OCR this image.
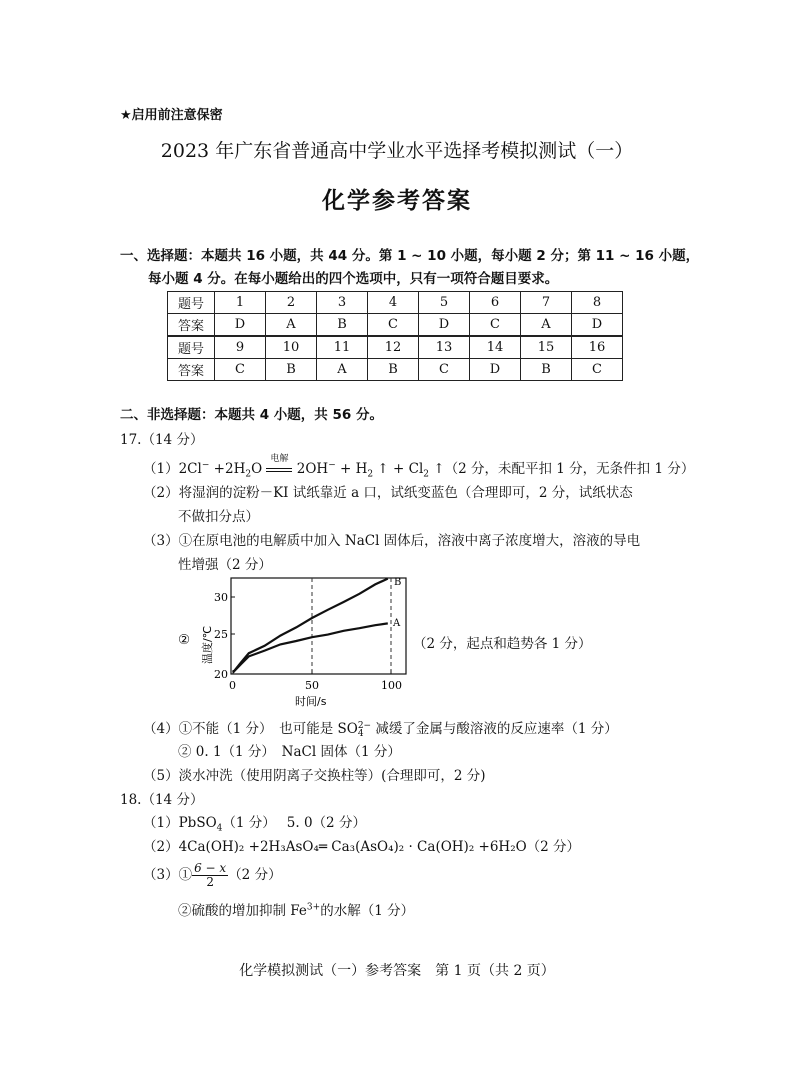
★启用前注意保密
2023 年广东省普通高中学业水平选择考模拟测试（一）
化学参考答案
一、选择题：本题共 16 小题，共 44 分。第 1 ~ 10 小题，每小题 2 分；第 11 ~ 16 小题，
每小题 4 分。在每小题给出的四个选项中，只有一项符合题目要求。
题号	1	2	3	4	5	6	7	8
答案	D	A	B	C	D	C	A	D
题号	9	10	11	12	13	14	15	16
答案	C	B	A	B	C	D	B	C
二、非选择题：本题共 4 小题，共 56 分。
17.（14 分）
$(1)2Cl^- +2H_2O$
电解
$2OH^- + H_2$ ↑ + $Cl_2$ ↑（2 分，未配平扣 1 分，无条件扣 1 分）
（2）将湿润的淀粉－KI 试纸靠近 a 口，试纸变蓝色（合理即可，2 分，试纸状态
不做扣分点）
（3）①在原电池的电解质中加入 NaCl 固体后，溶液中离子浓度增大，溶液的导电
性增强（2 分）
②
A
B
20
25
30
0	50	100
时间/s
温度/℃	（2 分，起点和趋势各 1 分）
（4）①不能（1 分）　也可能是 SO 2−
4 减缓了金属与酸溶液的反应速率（1 分）
② 0. 1（1 分）　NaCl 固体（1 分）
（5）淡水冲洗（使用阴离子交换柱等）(合理即可，2 分)
18.（14 分）
（1）PbSO$_4$（1 分）　 5. 0（2 分）
（2）4Ca(OH)₂ +2H₃AsO₄═ Ca₃(AsO₄)₂ · Ca(OH)₂ +6H₂O（2 分）
（3）① $\frac{6 - x}{2} (2$ 分）
②硫酸的增加抑制 $Fe^{3+}$的水解（1 分）
化学模拟测试（一）参考答案　第 1 页（共 2 页）
